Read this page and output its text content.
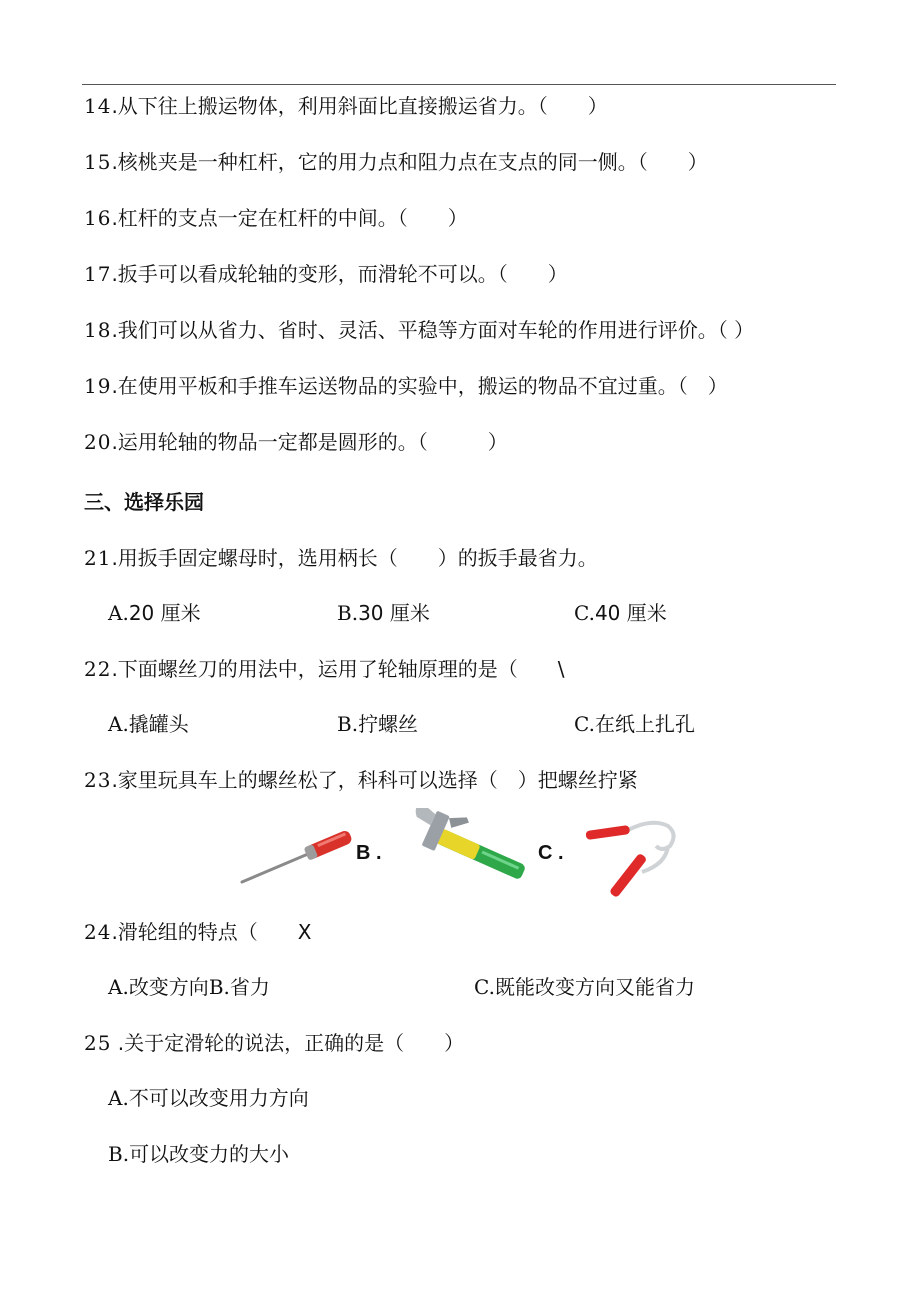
14.从下往上搬运物体，利用斜面比直接搬运省力。（　　）
15.核桃夹是一种杠杆，它的用力点和阻力点在支点的同一侧。（　　）
16.杠杆的支点一定在杠杆的中间。（　　）
17.扳手可以看成轮轴的变形，而滑轮不可以。（　　）
18.我们可以从省力、省时、灵活、平稳等方面对车轮的作用进行评价。（ ）
19.在使用平板和手推车运送物品的实验中，搬运的物品不宜过重。（　）
20.运用轮轴的物品一定都是圆形的。（　　　）
三、选择乐园
21.用扳手固定螺母时，选用柄长（　　）的扳手最省力。
A.20 厘米	B.30 厘米	C.40 厘米
22.下面螺丝刀的用法中，运用了轮轴原理的是（　　\
A.撬罐头	B.拧螺丝	C.在纸上扎孔
23.家里玩具车上的螺丝松了，科科可以选择（　）把螺丝拧紧
B .	C .
24.滑轮组的特点（　　X
A.改变方向B.省力	C.既能改变方向又能省力
25 .关于定滑轮的说法，正确的是（　　）
A.不可以改变用力方向
B.可以改变力的大小
